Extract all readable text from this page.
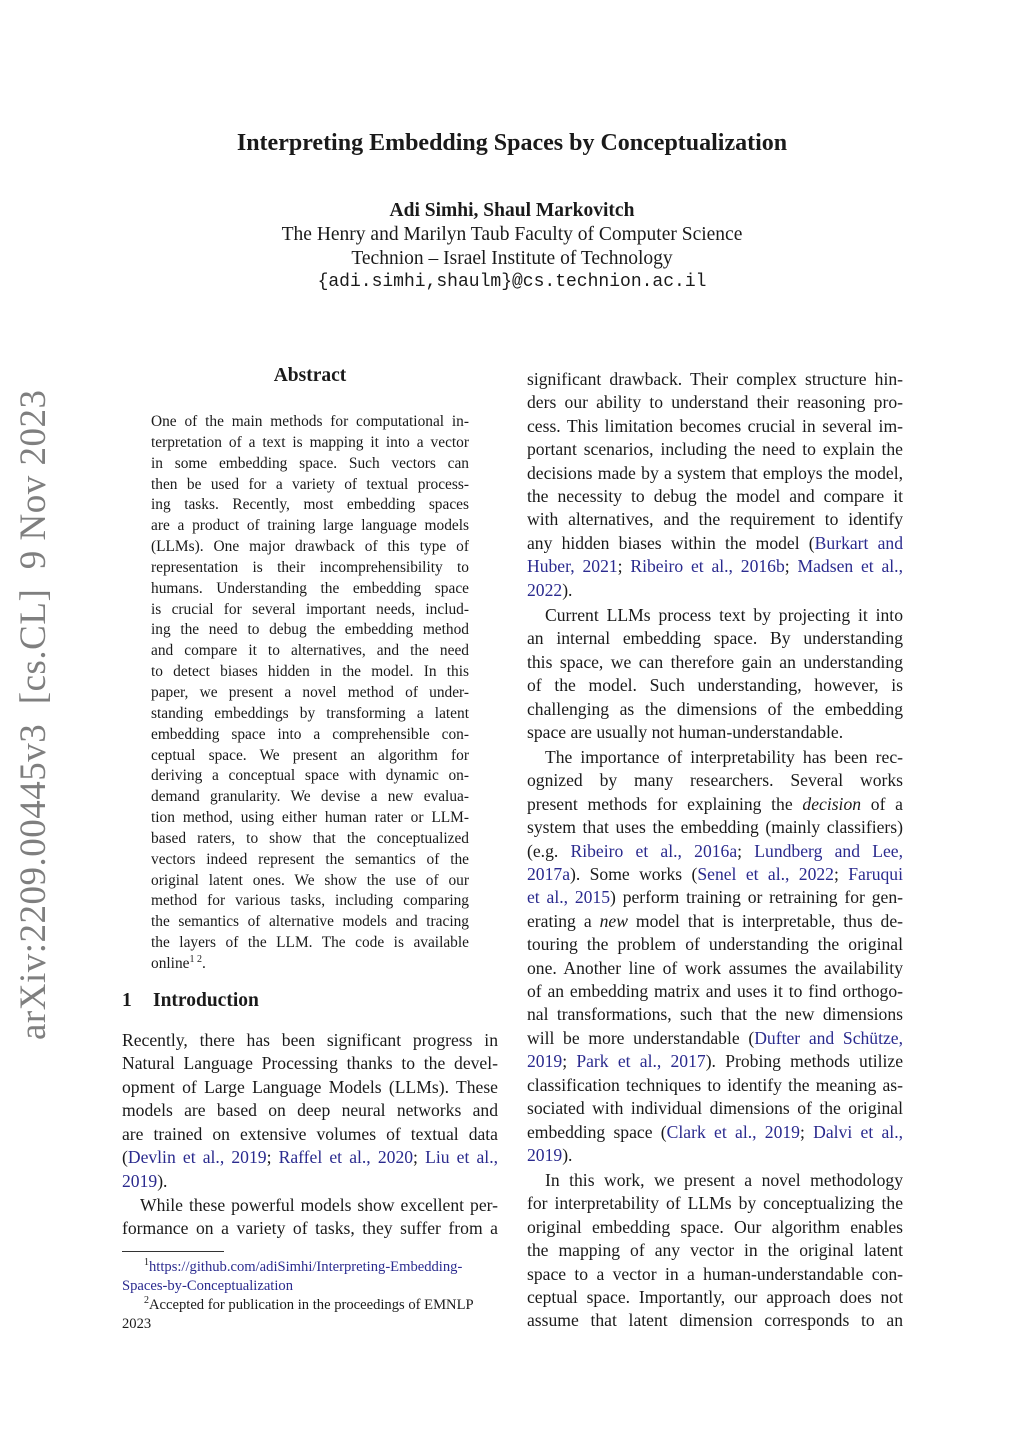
arXiv:2209.00445v3  [cs.CL]  9 Nov 2023
Interpreting Embedding Spaces by Conceptualization
Adi Simhi, Shaul Markovitch
The Henry and Marilyn Taub Faculty of Computer Science
Technion – Israel Institute of Technology
{adi.simhi,shaulm}@cs.technion.ac.il
Abstract
One of the main methods for computational in-
terpretation of a text is mapping it into a vector
in some embedding space. Such vectors can
then be used for a variety of textual process-
ing tasks. Recently, most embedding spaces
are a product of training large language models
(LLMs). One major drawback of this type of
representation is their incomprehensibility to
humans. Understanding the embedding space
is crucial for several important needs, includ-
ing the need to debug the embedding method
and compare it to alternatives, and the need
to detect biases hidden in the model. In this
paper, we present a novel method of under-
standing embeddings by transforming a latent
embedding space into a comprehensible con-
ceptual space. We present an algorithm for
deriving a conceptual space with dynamic on-
demand granularity. We devise a new evalua-
tion method, using either human rater or LLM-
based raters, to show that the conceptualized
vectors indeed represent the semantics of the
original latent ones. We show the use of our
method for various tasks, including comparing
the semantics of alternative models and tracing
the layers of the LLM. The code is available
online$^{1 2}$.
1 Introduction
Recently, there has been significant progress in
Natural Language Processing thanks to the devel-
opment of Large Language Models (LLMs). These
models are based on deep neural networks and
are trained on extensive volumes of textual data
(Devlin et al., 2019; Raffel et al., 2020; Liu et al.,
2019).
While these powerful models show excellent per-
formance on a variety of tasks, they suffer from a
$^1$https://github.com/adiSimhi/Interpreting-Embedding-
Spaces-by-Conceptualization
$^2$Accepted for publication in the proceedings of EMNLP
2023
significant drawback. Their complex structure hin-
ders our ability to understand their reasoning pro-
cess. This limitation becomes crucial in several im-
portant scenarios, including the need to explain the
decisions made by a system that employs the model,
the necessity to debug the model and compare it
with alternatives, and the requirement to identify
any hidden biases within the model (Burkart and
Huber, 2021; Ribeiro et al., 2016b; Madsen et al.,
2022).
Current LLMs process text by projecting it into
an internal embedding space. By understanding
this space, we can therefore gain an understanding
of the model. Such understanding, however, is
challenging as the dimensions of the embedding
space are usually not human-understandable.
The importance of interpretability has been rec-
ognized by many researchers. Several works
present methods for explaining the decision of a
system that uses the embedding (mainly classifiers)
(e.g. Ribeiro et al., 2016a; Lundberg and Lee,
2017a). Some works (Senel et al., 2022; Faruqui
et al., 2015) perform training or retraining for gen-
erating a new model that is interpretable, thus de-
touring the problem of understanding the original
one. Another line of work assumes the availability
of an embedding matrix and uses it to find orthogo-
nal transformations, such that the new dimensions
will be more understandable (Dufter and Schütze,
2019; Park et al., 2017). Probing methods utilize
classification techniques to identify the meaning as-
sociated with individual dimensions of the original
embedding space (Clark et al., 2019; Dalvi et al.,
2019).
In this work, we present a novel methodology
for interpretability of LLMs by conceptualizing the
original embedding space. Our algorithm enables
the mapping of any vector in the original latent
space to a vector in a human-understandable con-
ceptual space. Importantly, our approach does not
assume that latent dimension corresponds to an
